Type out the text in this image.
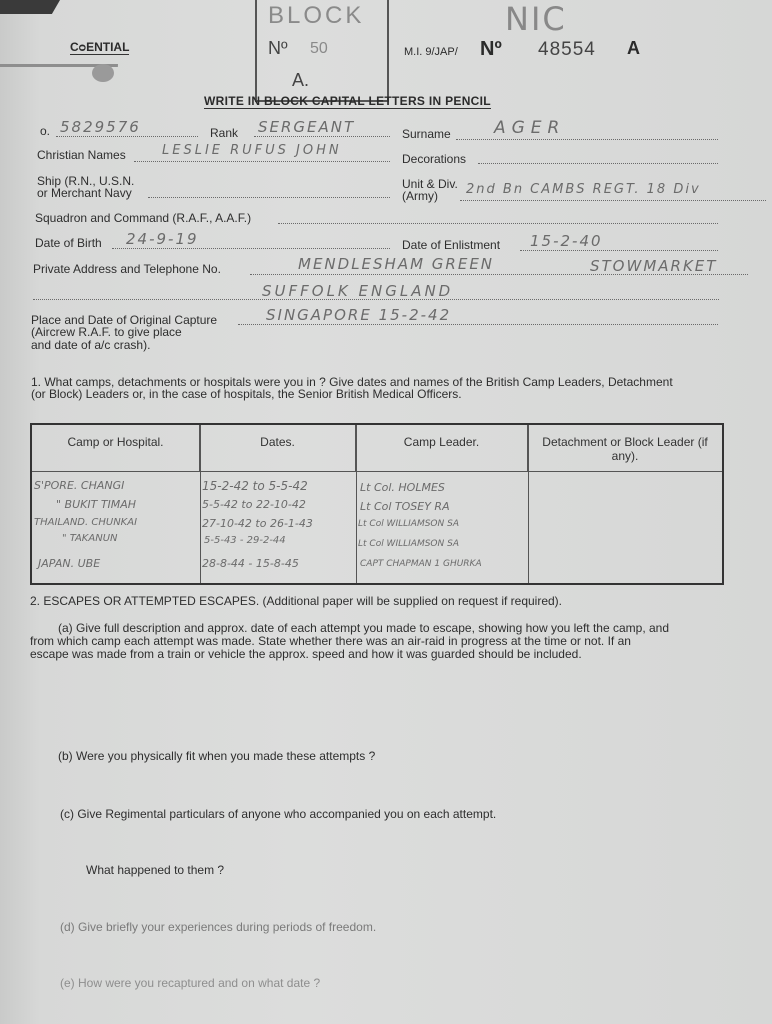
BLOCK
Nº 50
A.
NIC
CᴑENTIAL	M.I. 9/JAP/ Nº 48554 A
WRITE IN BLOCK CAPITAL LETTERS IN PENCIL
o. 5829576	Rank SERGEANT	Surname	AGER
Christian Names	LESLIE RUFUS JOHN
Decorations
Ship (R.N., U.S.N.
or Merchant Navy
Unit & Div.
(Army) 2nd Bn CAMBS REGT. 18 Div
Squadron and Command (R.A.F., A.A.F.)
Date of Birth 24-9-19	Date of Enlistment 15-2-40
Private Address and Telephone No.	MENDLESHAM GREEN	STOWMARKET
SUFFOLK ENGLAND
Place and Date of Original Capture
(Aircrew R.A.F. to give place
and date of a/c crash).
SINGAPORE 15-2-42
1. What camps, detachments or hospitals were you in ? Give dates and names of the British Camp Leaders, Detachment
(or Block) Leaders or, in the case of hospitals, the Senior British Medical Officers.
Camp or Hospital.	Dates.	Camp Leader.	Detachment or Block Leader (if any).
S'PORE. CHANGI	15-2-42 to 5-5-42	Lt Col. HOLMES
" BUKIT TIMAH	5-5-42 to 22-10-42	Lt Col TOSEY RA
THAILAND. CHUNKAI	27-10-42 to 26-1-43	Lt Col WILLIAMSON SA
" TAKANUN	5-5-43 - 29-2-44	Lt Col WILLIAMSON SA
JAPAN. UBE	28-8-44 - 15-8-45	CAPT CHAPMAN 1 GHURKA
2. ESCAPES OR ATTEMPTED ESCAPES. (Additional paper will be supplied on request if required).
(a) Give full description and approx. date of each attempt you made to escape, showing how you left the camp, and
from which camp each attempt was made. State whether there was an air-raid in progress at the time or not. If an
escape was made from a train or vehicle the approx. speed and how it was guarded should be included.
(b) Were you physically fit when you made these attempts ?
(c) Give Regimental particulars of anyone who accompanied you on each attempt.
What happened to them ?
(d) Give briefly your experiences during periods of freedom.
(e) How were you recaptured and on what date ?
